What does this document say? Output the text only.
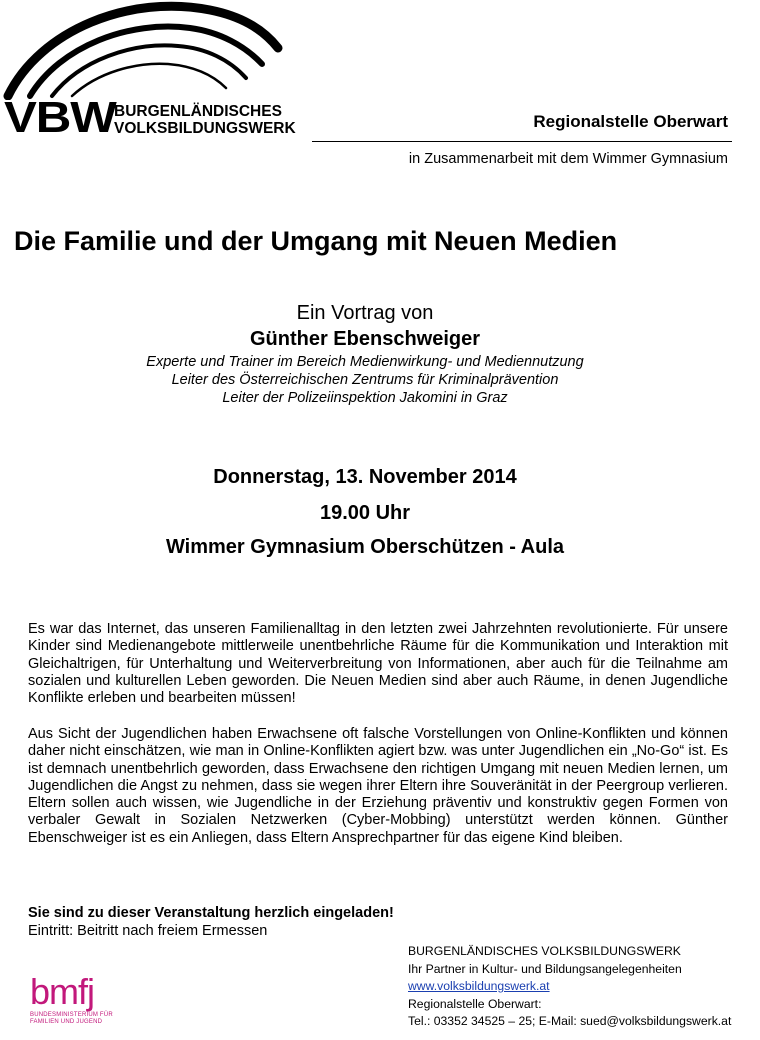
VBW
BURGENLÄNDISCHES
VOLKSBILDUNGSWERK	Regionalstelle Oberwart
in Zusammenarbeit mit dem Wimmer Gymnasium
Die Familie und der Umgang mit Neuen Medien
Ein Vortrag von
Günther Ebenschweiger
Experte und Trainer im Bereich Medienwirkung- und Mediennutzung
Leiter des Österreichischen Zentrums für Kriminalprävention
Leiter der Polizeiinspektion Jakomini in Graz
Donnerstag, 13. November 2014
19.00 Uhr
Wimmer Gymnasium Oberschützen - Aula
Es war das Internet, das unseren Familienalltag in den letzten zwei Jahrzehnten revolutionierte. Für unsere Kinder sind Medienangebote mittlerweile unentbehrliche Räume für die Kommunikation und Interaktion mit Gleichaltrigen, für Unterhaltung und Weiterverbreitung von Informationen, aber auch für die Teilnahme am sozialen und kulturellen Leben geworden. Die Neuen Medien sind aber auch Räume, in denen Jugendliche Konflikte erleben und bearbeiten müssen!
Aus Sicht der Jugendlichen haben Erwachsene oft falsche Vorstellungen von Online-Konflikten und können daher nicht einschätzen, wie man in Online-Konflikten agiert bzw. was unter Jugendlichen ein „No-Go“ ist. Es ist demnach unentbehrlich geworden, dass Erwachsene den richtigen Umgang mit neuen Medien lernen, um Jugendlichen die Angst zu nehmen, dass sie wegen ihrer Eltern ihre Souveränität in der Peergroup verlieren. Eltern sollen auch wissen, wie Jugendliche in der Erziehung präventiv und konstruktiv gegen Formen von verbaler Gewalt in Sozialen Netzwerken (Cyber-Mobbing) unterstützt werden können. Günther Ebenschweiger ist es ein Anliegen, dass Eltern Ansprechpartner für das eigene Kind bleiben.
Sie sind zu dieser Veranstaltung herzlich eingeladen!
Eintritt: Beitritt nach freiem Ermessen
bmfj
BUNDESMINISTERIUM FÜR
FAMILIEN UND JUGEND
BURGENLÄNDISCHES VOLKSBILDUNGSWERK
Ihr Partner in Kultur- und Bildungsangelegenheiten
www.volksbildungswerk.at
Regionalstelle Oberwart:
Tel.: 03352 34525 – 25; E-Mail: sued@volksbildungswerk.at
